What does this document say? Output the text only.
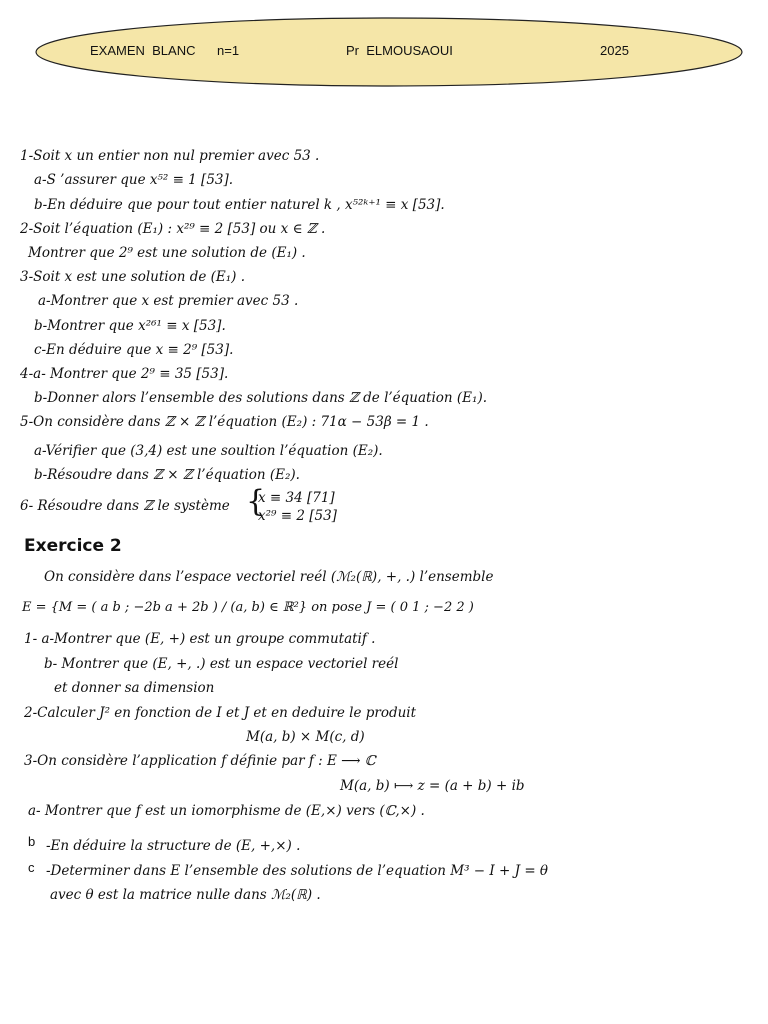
EXAMEN  BLANC n=1	Pr  ELMOUSAOUI	2025
1-Soit x un entier non nul premier avec 53 .
a-S ’assurer que x⁵² ≡ 1 [53].
b-En déduire que pour tout entier naturel k , x⁵²ᵏ⁺¹ ≡ x [53].
2-Soit l’équation (E₁) : x²⁹ ≡ 2 [53] ou x ∈ ℤ .
Montrer que 2⁹ est une solution de (E₁) .
3-Soit x est une solution de (E₁) .
a-Montrer que x est premier avec 53 .
b-Montrer que x²⁶¹ ≡ x [53].
c-En déduire que x ≡ 2⁹ [53].
4-a- Montrer que 2⁹ ≡ 35 [53].
b-Donner alors l’ensemble des solutions dans ℤ de l’équation (E₁).
5-On considère dans ℤ × ℤ l’équation (E₂) : 71α − 53β = 1 .
a-Vérifier que (3,4) est une soultion l’équation (E₂).
b-Résoudre dans ℤ × ℤ l’équation (E₂).
6- Résoudre dans ℤ le système {
x ≡ 34 [71]
x²⁹ ≡ 2 [53]
Exercice 2
On considère dans l’espace vectoriel reél (ℳ₂(ℝ), +, .) l’ensemble
E = {M = ( a b ; −2b a + 2b ) / (a, b) ∈ ℝ²} on pose J = ( 0 1 ; −2 2 )
1- a-Montrer que (E, +) est un groupe commutatif .
b- Montrer que (E, +, .) est un espace vectoriel reél
et donner sa dimension
2-Calculer J² en fonction de I et J et en deduire le produit
M(a, b) × M(c, d)
3-On considère l’application f définie par f : E ⟶ ℂ
M(a, b) ⟼ z = (a + b) + ib
a- Montrer que f est un iomorphisme de (E,×) vers (ℂ,×) .
b -En déduire la structure de (E, +,×) .
c -Determiner dans E l’ensemble des solutions de l’equation M³ − I + J = θ
avec θ est la matrice nulle dans ℳ₂(ℝ) .
